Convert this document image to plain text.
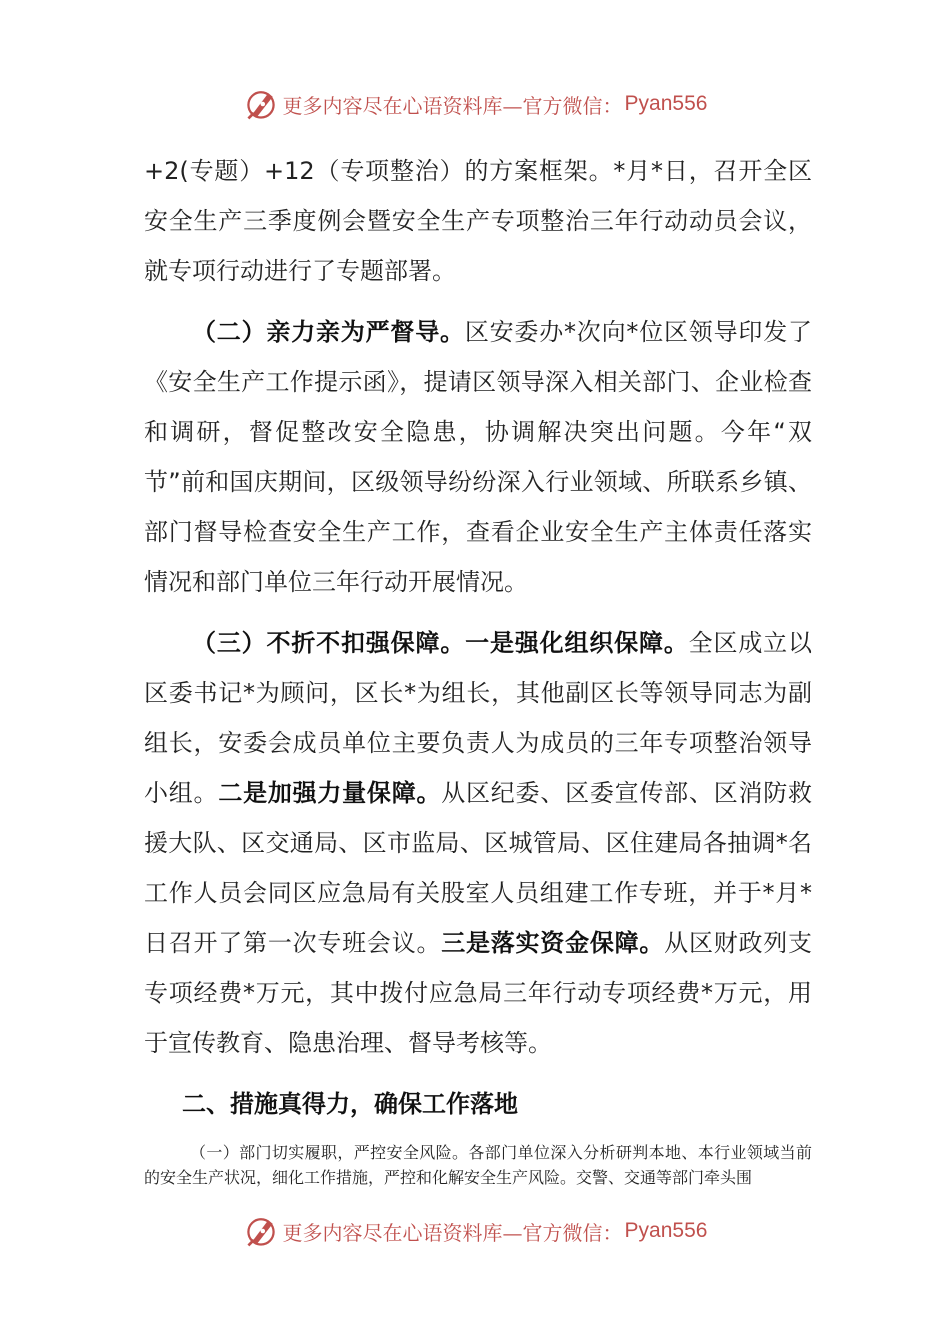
更多内容尽在心语资料库—官方微信： Pyan556

+2(专题）+12（专项整治）的方案框架。*月*日，召开全区安全生产三季度例会暨安全生产专项整治三年行动动员会议，就专项行动进行了专题部署。

（二）亲力亲为严督导。区安委办*次向*位区领导印发了《安全生产工作提示函》，提请区领导深入相关部门、企业检查和调研，督促整改安全隐患，协调解决突出问题。今年“双节”前和国庆期间，区级领导纷纷深入行业领域、所联系乡镇、部门督导检查安全生产工作，查看企业安全生产主体责任落实情况和部门单位三年行动开展情况。

（三）不折不扣强保障。一是强化组织保障。全区成立以区委书记*为顾问，区长*为组长，其他副区长等领导同志为副组长，安委会成员单位主要负责人为成员的三年专项整治领导小组。二是加强力量保障。从区纪委、区委宣传部、区消防救援大队、区交通局、区市监局、区城管局、区住建局各抽调*名工作人员会同区应急局有关股室人员组建工作专班，并于*月*日召开了第一次专班会议。三是落实资金保障。从区财政列支专项经费*万元，其中拨付应急局三年行动专项经费*万元，用于宣传教育、隐患治理、督导考核等。

二、措施真得力，确保工作落地

（一）部门切实履职，严控安全风险。各部门单位深入分析研判本地、本行业领域当前的安全生产状况，细化工作措施，严控和化解安全生产风险。交警、交通等部门牵头围

更多内容尽在心语资料库—官方微信： Pyan556
